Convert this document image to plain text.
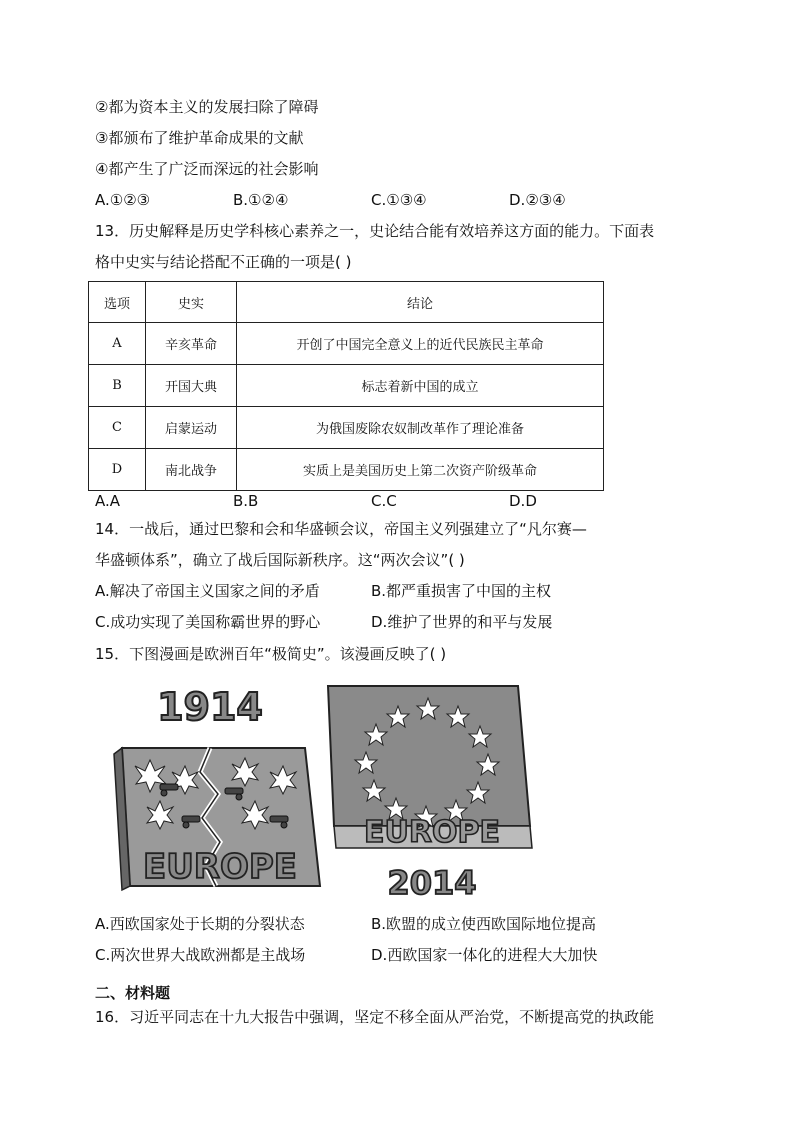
②都为资本主义的发展扫除了障碍
③都颁布了维护革命成果的文献
④都产生了广泛而深远的社会影响
A.①②③	B.①②④	C.①③④	D.②③④
13．历史解释是历史学科核心素养之一，史论结合能有效培养这方面的能力。下面表
格中史实与结论搭配不正确的一项是( )
选项	史实	结论
A	辛亥革命	开创了中国完全意义上的近代民族民主革命
B	开国大典	标志着新中国的成立
C	启蒙运动	为俄国废除农奴制改革作了理论准备
D	南北战争	实质上是美国历史上第二次资产阶级革命
A.A	B.B	C.C	D.D
14．一战后，通过巴黎和会和华盛顿会议，帝国主义列强建立了“凡尔赛—
华盛顿体系”，确立了战后国际新秩序。这“两次会议”( )
A.解决了帝国主义国家之间的矛盾	B.都严重损害了中国的主权
C.成功实现了美国称霸世界的野心	D.维护了世界的和平与发展
15．下图漫画是欧洲百年“极简史”。该漫画反映了( )
1914
EUROPE
EUROPE
2014
A.西欧国家处于长期的分裂状态	B.欧盟的成立使西欧国际地位提高
C.两次世界大战欧洲都是主战场	D.西欧国家一体化的进程大大加快
二、材料题
16．习近平同志在十九大报告中强调，坚定不移全面从严治党，不断提高党的执政能
